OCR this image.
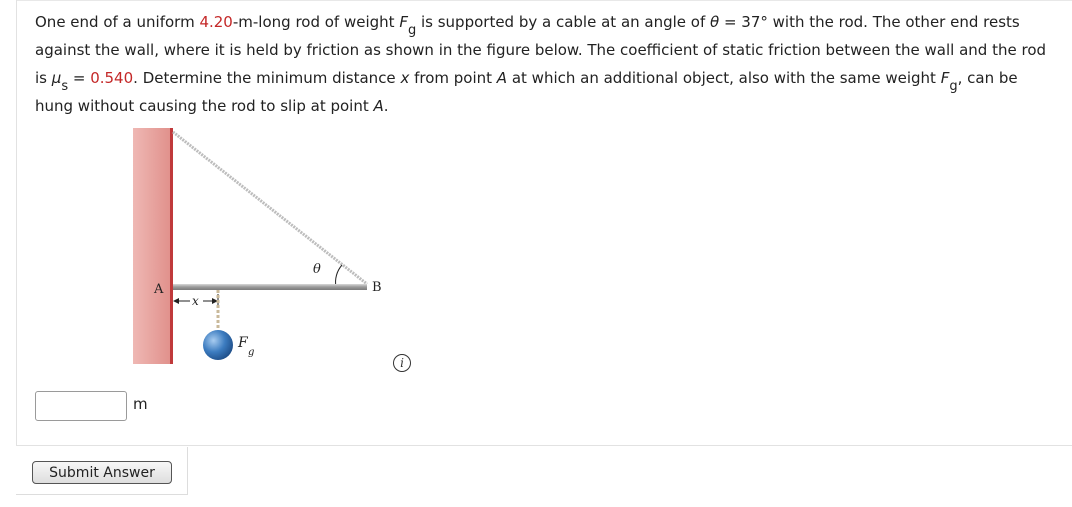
One end of a uniform 4.20-m-long rod of weight Fg is supported by a cable at an angle of θ = 37° with the rod. The other end rests against the wall, where it is held by friction as shown in the figure below. The coefficient of static friction between the wall and the rod is μs = 0.540. Determine the minimum distance x from point A at which an additional object, also with the same weight Fg, can be hung without causing the rod to slip at point A.

θ
A	B
x
F
g
i
m
Submit Answer
